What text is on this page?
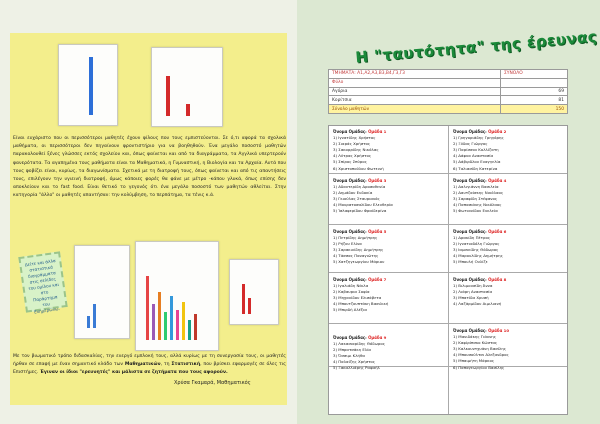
Είναι ευχάριστο που οι περισσότεροι μαθητές έχουν φίλους που τους εμπιστεύονται. Σε ό,τι αφορά τα σχολικά μαθήματα, οι περισσότεροι δεν πηγαίνουν φροντιστήριο για να βοηθηθούν. Ένα μεγάλο ποσοστό μαθητών παρακολουθεί ξένες γλώσσες εκτός σχολείου και, όπως φαίνεται και από τα διαγράμματα, τα Αγγλικά υπερτερούν φανερότατα. Τα αγαπημένα τους μαθήματα είναι τα Μαθηματικά, η Γυμναστική, η Βιολογία και τα Αρχαία. Αυτά που τους φοβίζει είναι, κυρίως, τα διαγωνίσματα. Σχετικά με τη διατροφή τους, όπως φαίνεται και από τις απαντήσεις τους, επιλέγουν την υγιεινή διατροφή, όμως κάποιες φορές θα φάνε με μέτρο -κάπου γλυκά, όπως επίσης δεν αποκλείουν και το fast food. Είναι θετικό το γεγονός ότι ένα μεγάλο ποσοστό των μαθητών αθλείται. Στην κατηγορία "άλλο" οι μαθητές απαντήσαν: την κολύμβηση, το περπάτημα, τα τένις κ.ά.
Με τον βιωματικό τρόπο διδασκαλίας, την ενεργό εμπλοκή τους, αλλά κυρίως με τη συνεργασία τους, οι μαθητές ήρθαν σε επαφή με έναν σημαντικό κλάδο των Μαθηματικών, τη Στατιστική, που βρίσκει εφαρμογές σε όλες τις Επιστήμες. Έγιναν οι ίδιοι "ερευνητές" και μάλιστα σε ζητήματα που τους αφορούν.
Δείτε και άλλα στατιστικά διαγράμματα στις σελίδες του ομίλου και στο Παράρτημα του Ενημερώνω.
Χρύσα Γκαμαρά, Μαθηματικός
Η "ταυτότητα" της έρευνας
ΤΜΗΜΑΤΑ: Α1,Α2,Α3,Β3,Β4,Γ3,Γ3	ΣΥΝΟΛΟ
Φύλο	
Αγόρια	69
Κορίτσια	81
Σύνολο μαθητών	150
Όνομα Ομάδας: Ομάδα 1
1) Ιγνατίδης Χρήστος
2) Σιαράς Χρήστος
3) Σακορρίδης Νικόλας
4) Λύτρας Χρήστος
5) Σπίρος Σπύρος
6) Χριστοπούλου Φωτεινή
Όνομα Ομάδας: Ομάδα 2
1) Γρηγοριάδης Γρηγόρης
2) Ξύδας Γιώργος
3) Παρίσσου Κολλίζατη
4) Δάφνα Αναστασία
5) Δάβιρδλου Ευαγγελία
6) Ταλιασίδη Κατερίνα
Όνομα Ομάδας: Ομάδα 3
1) Αδαντερίδη Δροσοθενία
2) Δημάδου Ευδοκία
3) Γκιούλας Σταυριανός
4) Μουρατοσαλίδου Ελευθερία
5) Ίσλαφερίδου Φραίδερίνα
Όνομα Ομάδας: Ομάδα 4
1) Δαλιγιάννη Βασιλεία
2) Δαυτζαίσκης Νικόλαος
3) Σαραφίδη Στέφανος
4) Παπασιάνης Νικόλαος
5) Φωτιανίδου Ευκλεία
Όνομα Ομάδας: Ομάδα 5
1) Πετρίδης Δημήτρης
2) Ρήζου Ελίνα
3) Σαρακινίδης Δημήτρης
4) Τάσσας Παναγιώτης
5) Χατζηγεωργίου Μάριου
Όνομα Ομάδας: Ομάδα 6
1) Δρακίδη Πέτρος
2) Ιγνατιαδόλη Γιώργος
3) Ιαμσικίδης Θόδωρος
4) Μαρουλίδης Δημήτρης
5) Μπουλή Ουλίζε
Όνομα Ομάδας: Ομάδα 7
1) Ιγαλιάδη Νάιλα
2) Καβαυρια Σοφία
3) Μηχανίδου Ελισάβετα
4) Μπουτζουπτάκη Βασιλική
5) Μπιρδή Αλέξια
Όνομα Ομάδας: Ομάδα 8
1) Βιλιμουσίδη Άννα
2) Λιάρη Αναστασία
3) Μπατίδα Χρυσή
4) Λαζάρμίδου Αιμιλιανή
Όνομα Ομάδας: Ομάδα 9
1) Λακασιαρίδης Θόδωρος
2) Μπρατσάκη Ελία
3) Όσσιμι Κλήθα
4) Παλαίζης Χρήστος
5) Ξακαλλιάρης Ραφαήλ
Όνομα Ομάδας: Ομάδα 10
1) Μανιδάκης Γιάννης
2) Καφίρίπσκο Κώστας
3) Καλκουντχυάνη Βασίλης
4) Μπουσούλτσι Αλεξανδρος
5) Μπαιμήτη Μάρκος
6) Παπαγεωργίου Βασίλης
